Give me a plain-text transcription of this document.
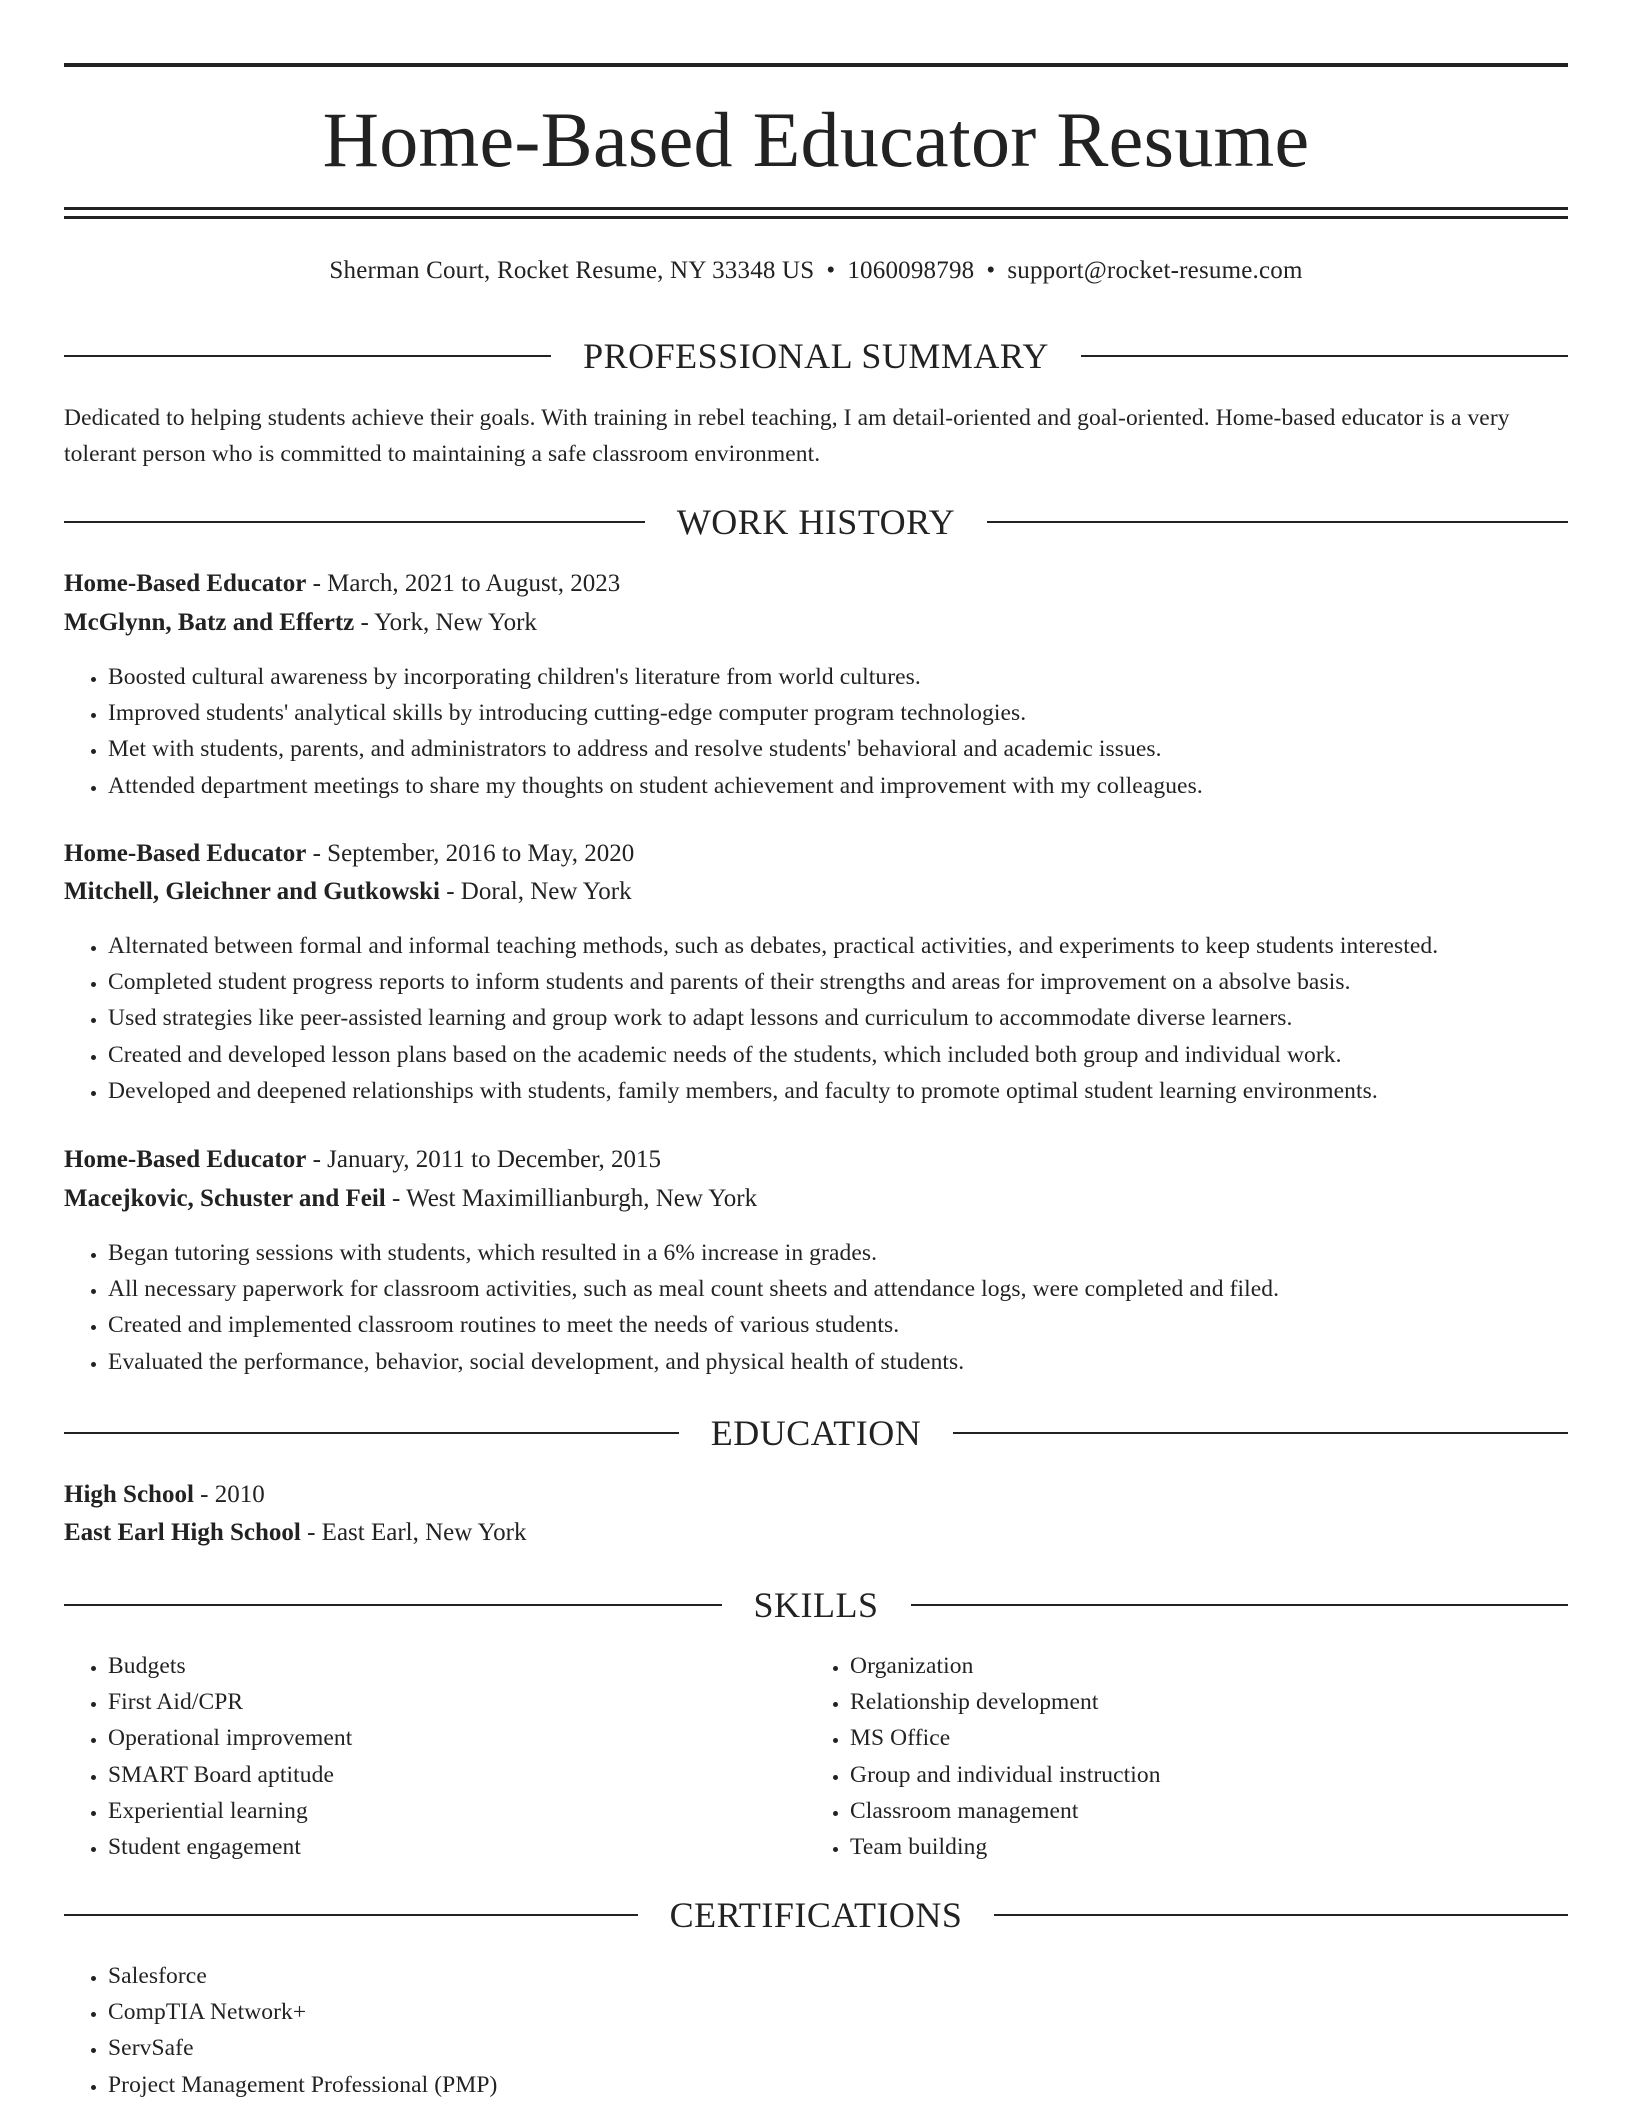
Home-Based Educator Resume
Sherman Court, Rocket Resume, NY 33348 US • 1060098798 • support@rocket-resume.com
PROFESSIONAL SUMMARY

Dedicated to helping students achieve their goals. With training in rebel teaching, I am detail-oriented and goal-oriented. Home-based educator is a very tolerant person who is committed to maintaining a safe classroom environment.

WORK HISTORY
Home-Based Educator - March, 2021 to August, 2023
McGlynn, Batz and Effertz - York, New York
• Boosted cultural awareness by incorporating children's literature from world cultures.
• Improved students' analytical skills by introducing cutting-edge computer program technologies.
• Met with students, parents, and administrators to address and resolve students' behavioral and academic issues.
• Attended department meetings to share my thoughts on student achievement and improvement with my colleagues.
Home-Based Educator - September, 2016 to May, 2020
Mitchell, Gleichner and Gutkowski - Doral, New York
• Alternated between formal and informal teaching methods, such as debates, practical activities, and experiments to keep students interested.
• Completed student progress reports to inform students and parents of their strengths and areas for improvement on a absolve basis.
• Used strategies like peer-assisted learning and group work to adapt lessons and curriculum to accommodate diverse learners.
• Created and developed lesson plans based on the academic needs of the students, which included both group and individual work.
• Developed and deepened relationships with students, family members, and faculty to promote optimal student learning environments.
Home-Based Educator - January, 2011 to December, 2015
Macejkovic, Schuster and Feil - West Maximillianburgh, New York
• Began tutoring sessions with students, which resulted in a 6% increase in grades.
• All necessary paperwork for classroom activities, such as meal count sheets and attendance logs, were completed and filed.
• Created and implemented classroom routines to meet the needs of various students.
• Evaluated the performance, behavior, social development, and physical health of students.
EDUCATION
High School - 2010
East Earl High School - East Earl, New York
SKILLS
• Budgets
• First Aid/CPR
• Operational improvement
• SMART Board aptitude
• Experiential learning
• Student engagement
• Organization
• Relationship development
• MS Office
• Group and individual instruction
• Classroom management
• Team building
CERTIFICATIONS
• Salesforce
• CompTIA Network+
• ServSafe
• Project Management Professional (PMP)
